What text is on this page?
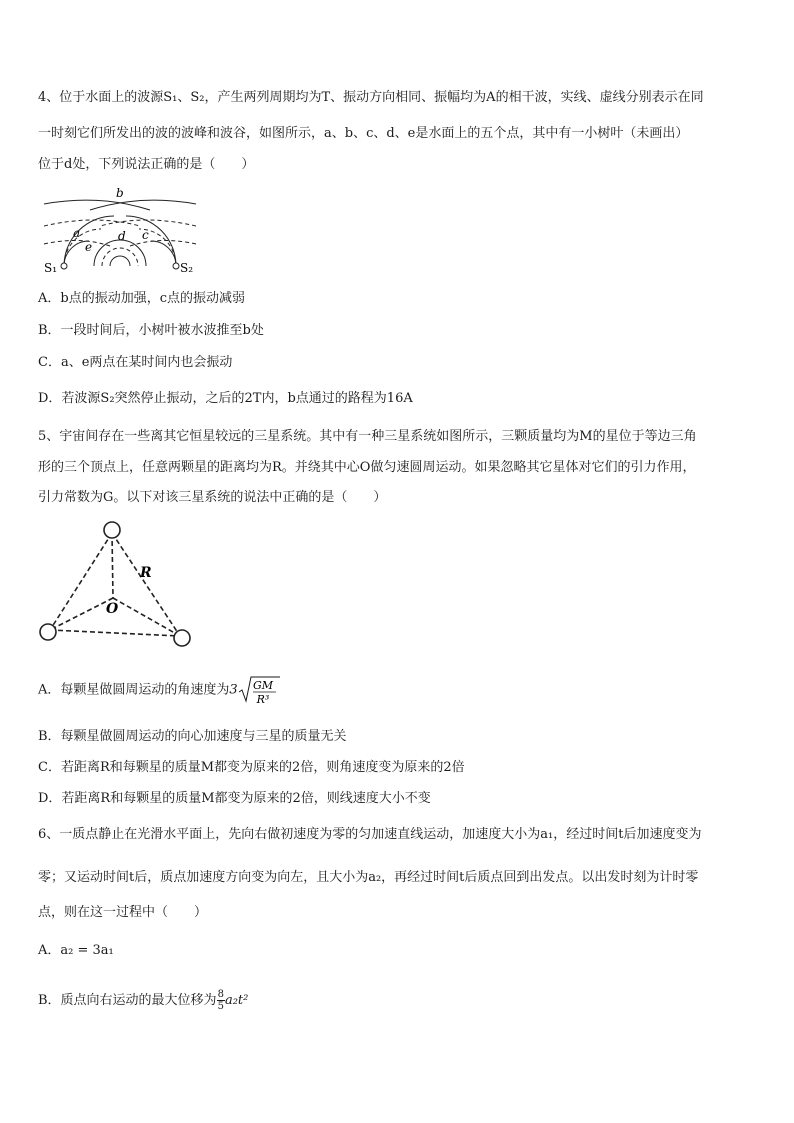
4、位于水面上的波源S₁、S₂，产生两列周期均为T、振动方向相同、振幅均为A的相干波，实线、虚线分别表示在同
一时刻它们所发出的波的波峰和波谷，如图所示，a、b、c、d、e是水面上的五个点，其中有一小树叶（未画出）
位于d处，下列说法正确的是（　　）
b
a	d c
e
S₁	S₂
A．b点的振动加强，c点的振动减弱
B．一段时间后，小树叶被水波推至b处
C．a、e两点在某时间内也会振动
D．若波源S₂突然停止振动，之后的2T内，b点通过的路程为16A
5、宇宙间存在一些离其它恒星较远的三星系统。其中有一种三星系统如图所示，三颗质量均为M的星位于等边三角
形的三个顶点上，任意两颗星的距离均为R。并绕其中心O做匀速圆周运动。如果忽略其它星体对它们的引力作用，
引力常数为G。以下对该三星系统的说法中正确的是（　　）
R
O
A．每颗星做圆周运动的角速度为3 GM
R³
B．每颗星做圆周运动的向心加速度与三星的质量无关
C．若距离R和每颗星的质量M都变为原来的2倍，则角速度变为原来的2倍
D．若距离R和每颗星的质量M都变为原来的2倍，则线速度大小不变
6、一质点静止在光滑水平面上，先向右做初速度为零的匀加速直线运动，加速度大小为a₁，经过时间t后加速度变为
零；又运动时间t后，质点加速度方向变为向左，且大小为a₂，再经过时间t后质点回到出发点。以出发时刻为计时零
点，则在这一过程中（　　）
A．a₂ = 3a₁
B．质点向右运动的最大位移为 $\frac{8}{5} a_2t^2$
